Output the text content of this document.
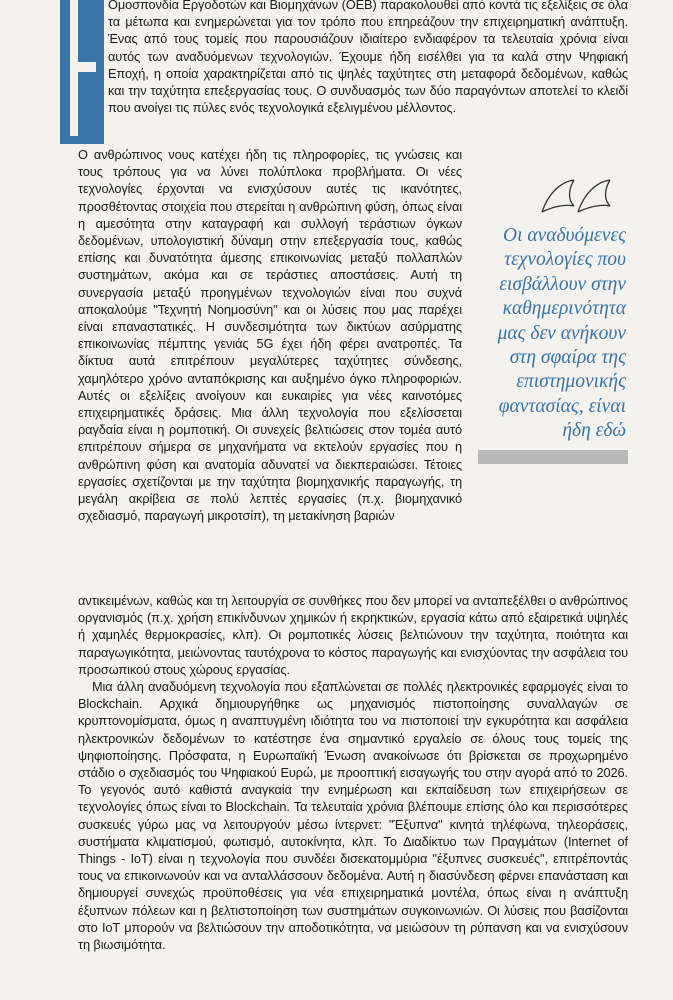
Ομοσπονδία Εργοδοτών και Βιομηχάνων (ΟΕΒ) παρακολουθεί από κοντά τις εξελίξεις σε όλα τα μέτωπα και ενημερώνεται για τον τρόπο που επηρεάζουν την επιχειρηματική ανάπτυξη. Ένας από τους τομείς που παρουσιάζουν ιδιαίτερο ενδιαφέρον τα τελευταία χρόνια είναι αυτός των αναδυόμενων τεχνολογιών. Έχουμε ήδη εισέλθει για τα καλά στην Ψηφιακή Εποχή, η οποία χαρακτηρίζεται από τις ψηλές ταχύτητες στη μεταφορά δεδομένων, καθώς και την ταχύτητα επεξεργασίας τους. Ο συνδυασμός των δύο παραγόντων αποτελεί το κλειδί που ανοίγει τις πύλες ενός τεχνολογικά εξελιγμένου μέλλοντος.

Ο ανθρώπινος νους κατέχει ήδη τις πληροφορίες, τις γνώσεις και τους τρόπους για να λύνει πολύπλοκα προβλήματα. Οι νέες τεχνολογίες έρχονται να ενισχύσουν αυτές τις ικανότητες, προσθέτοντας στοιχεία που στερείται η ανθρώπινη φύση, όπως είναι η αμεσότητα στην καταγραφή και συλλογή τεράστιων όγκων δεδομένων, υπολογιστική δύναμη στην επεξεργασία τους, καθώς επίσης και δυνατότητα άμεσης επικοινωνίας μεταξύ πολλαπλών συστημάτων, ακόμα και σε τεράστιες αποστάσεις. Αυτή τη συνεργασία μεταξύ προηγμένων τεχνολογιών είναι που συχνά αποκαλούμε "Τεχνητή Νοημοσύνη" και οι λύσεις που μας παρέχει είναι επαναστατικές. Η συνδεσιμότητα των δικτύων ασύρματης επικοινωνίας πέμπτης γενιάς 5G έχει ήδη φέρει ανατροπές. Τα δίκτυα αυτά επιτρέπουν μεγαλύτερες ταχύτητες σύνδεσης, χαμηλότερο χρόνο ανταπόκρισης και αυξημένο όγκο πληροφοριών. Αυτές οι εξελίξεις ανοίγουν και ευκαιρίες για νέες καινοτόμες επιχειρηματικές δράσεις. Μια άλλη τεχνολογία που εξελίσσεται ραγδαία είναι η ρομποτική. Οι συνεχείς βελτιώσεις στον τομέα αυτό επιτρέπουν σήμερα σε μηχανήματα να εκτελούν εργασίες που η ανθρώπινη φύση και ανατομία αδυνατεί να διεκπεραιώσει. Τέτοιες εργασίες σχετίζονται με την ταχύτητα βιομηχανικής παραγωγής, τη μεγάλη ακρίβεια σε πολύ λεπτές εργασίες (π.χ. βιομηχανικό σχεδιασμό, παραγωγή μικροτσίπ), τη μετακίνηση βαριών

Οι αναδυόμενες τεχνολογίες που εισβάλλουν στην καθημερινότητα μας δεν ανήκουν στη σφαίρα της επιστημονικής φαντασίας, είναι ήδη εδώ

αντικειμένων, καθώς και τη λειτουργία σε συνθήκες που δεν μπορεί να ανταπεξέλθει ο ανθρώπινος οργανισμός (π.χ. χρήση επικίνδυνων χημικών ή εκρηκτικών, εργασία κάτω από εξαιρετικά υψηλές ή χαμηλές θερμοκρασίες, κλπ). Οι ρομποτικές λύσεις βελτιώνουν την ταχύτητα, ποιότητα και παραγωγικότητα, μειώνοντας ταυτόχρονα το κόστος παραγωγής και ενισχύοντας την ασφάλεια του προσωπικού στους χώρους εργασίας.

Μια άλλη αναδυόμενη τεχνολογία που εξαπλώνεται σε πολλές ηλεκτρονικές εφαρμογές είναι το Blockchain. Αρχικά δημιουργήθηκε ως μηχανισμός πιστοποίησης συναλλαγών σε κρυπτονομίσματα, όμως η αναπτυγμένη ιδιότητα του να πιστοποιεί την εγκυρότητα και ασφάλεια ηλεκτρονικών δεδομένων το κατέστησε ένα σημαντικό εργαλείο σε όλους τους τομείς της ψηφιοποίησης. Πρόσφατα, η Ευρωπαϊκή Ένωση ανακοίνωσε ότι βρίσκεται σε προχωρημένο στάδιο ο σχεδιασμός του Ψηφιακού Ευρώ, με προοπτική εισαγωγής του στην αγορά από το 2026. Το γεγονός αυτό καθιστά αναγκαία την ενημέρωση και εκπαίδευση των επιχειρήσεων σε τεχνολογίες όπως είναι το Blockchain. Τα τελευταία χρόνια βλέπουμε επίσης όλο και περισσότερες συσκευές γύρω μας να λειτουργούν μέσω ίντερνετ: "Έξυπνα" κινητά τηλέφωνα, τηλεοράσεις, συστήματα κλιματισμού, φωτισμό, αυτοκίνητα, κλπ. Το Διαδίκτυο των Πραγμάτων (Internet of Things - IoT) είναι η τεχνολογία που συνδέει δισεκατομμύρια "έξυπνες συσκευές", επιτρέποντάς τους να επικοινωνούν και να ανταλλάσσουν δεδομένα. Αυτή η διασύνδεση φέρνει επανάσταση και δημιουργεί συνεχώς προϋποθέσεις για νέα επιχειρηματικά μοντέλα, όπως είναι η ανάπτυξη έξυπνων πόλεων και η βελτιστοποίηση των συστημάτων συγκοινωνιών. Οι λύσεις που βασίζονται στο IoT μπορούν να βελτιώσουν την αποδοτικότητα, να μειώσουν τη ρύπανση και να ενισχύσουν τη βιωσιμότητα.
